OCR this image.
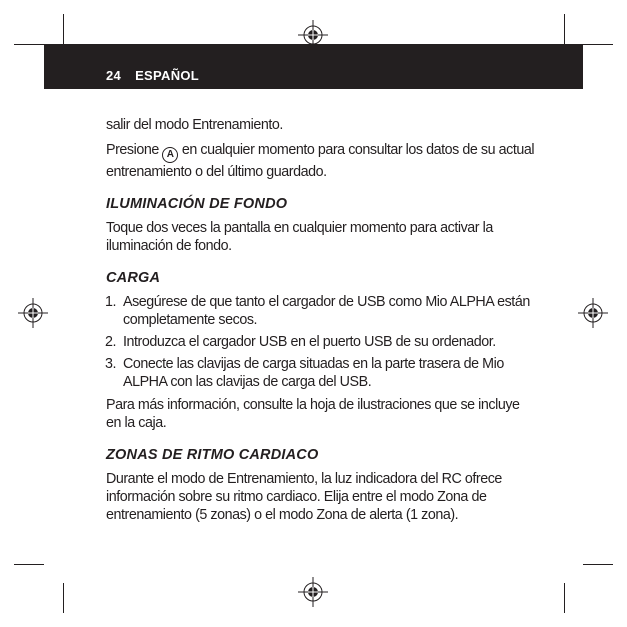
24 ESPAÑOL

salir del modo Entrenamiento.

Presione A en cualquier momento para consultar los datos de su actual entrenamiento o del último guardado.

ILUMINACIÓN DE FONDO

Toque dos veces la pantalla en cualquier momento para activar la iluminación de fondo.

CARGA
1. Asegúrese de que tanto el cargador de USB como Mio ALPHA están completamente secos.
2. Introduzca el cargador USB en el puerto USB de su ordenador.
3. Conecte las clavijas de carga situadas en la parte trasera de Mio ALPHA con las clavijas de carga del USB.

Para más información, consulte la hoja de ilustraciones que se incluye en la caja.

ZONAS DE RITMO CARDIACO

Durante el modo de Entrenamiento, la luz indicadora del RC ofrece información sobre su ritmo cardiaco. Elija entre el modo Zona de entrenamiento (5 zonas) o el modo Zona de alerta (1 zona).
